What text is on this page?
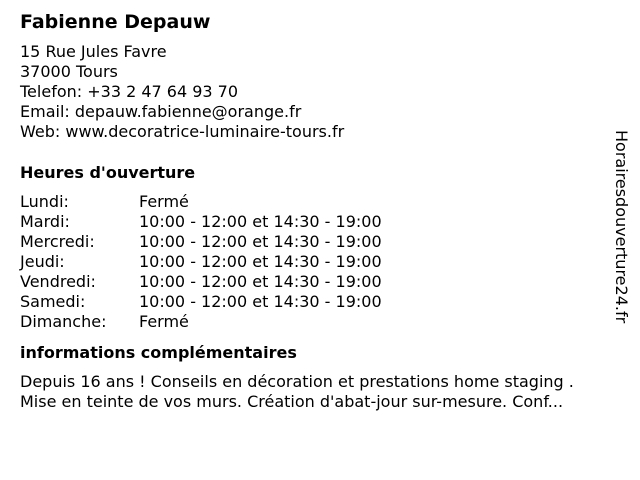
Fabienne Depauw
15 Rue Jules Favre
37000 Tours
Telefon: +33 2 47 64 93 70
Email: depauw.fabienne@orange.fr
Web: www.decoratrice-luminaire-tours.fr
Heures d'ouverture
Lundi:	Fermé
Mardi:	10:00 - 12:00 et 14:30 - 19:00
Mercredi:	10:00 - 12:00 et 14:30 - 19:00
Jeudi:	10:00 - 12:00 et 14:30 - 19:00
Vendredi:	10:00 - 12:00 et 14:30 - 19:00
Samedi:	10:00 - 12:00 et 14:30 - 19:00
Dimanche:	Fermé
informations complémentaires
Depuis 16 ans ! Conseils en décoration et prestations home staging .
Mise en teinte de vos murs. Création d'abat-jour sur-mesure. Conf...
Horairesdouverture24.fr
